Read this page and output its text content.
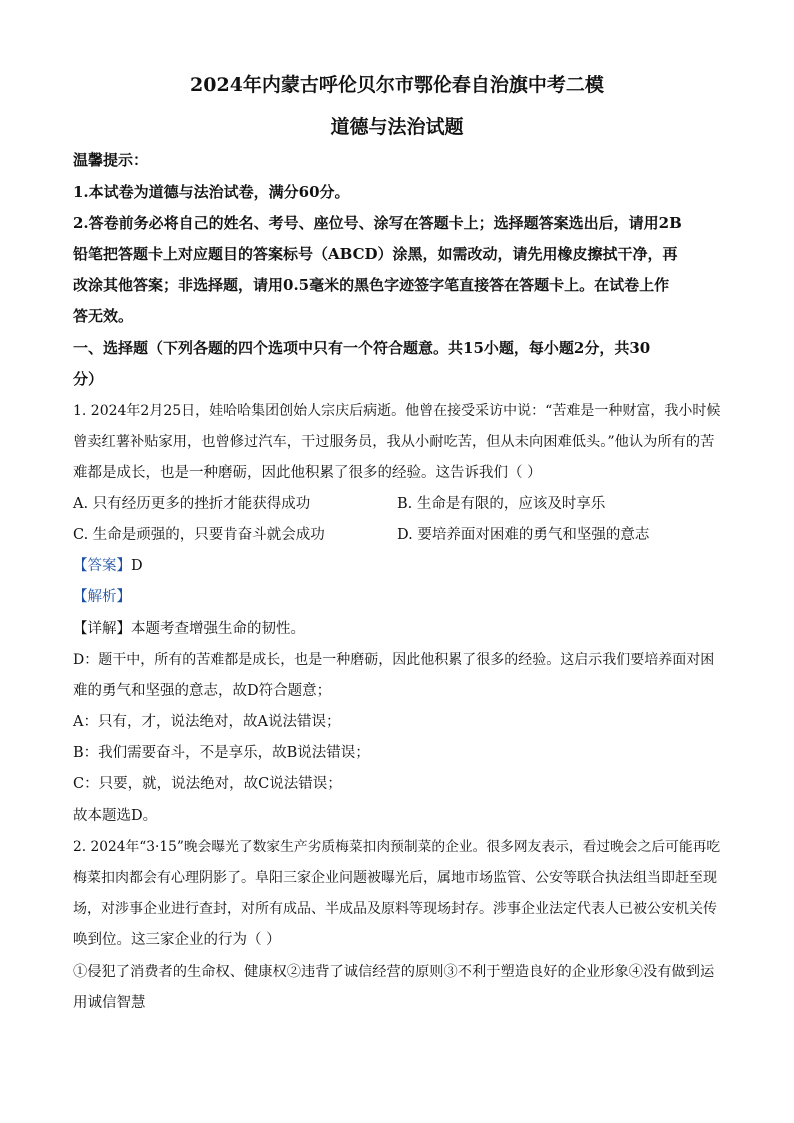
2024年内蒙古呼伦贝尔市鄂伦春自治旗中考二模
道德与法治试题
温馨提示：
1.本试卷为道德与法治试卷，满分60分。
2.答卷前务必将自己的姓名、考号、座位号、涂写在答题卡上；选择题答案选出后，请用2B
铅笔把答题卡上对应题目的答案标号（ABCD）涂黑，如需改动，请先用橡皮擦拭干净，再
改涂其他答案；非选择题，请用0.5毫米的黑色字迹签字笔直接答在答题卡上。在试卷上作
答无效。
一、选择题（下列各题的四个选项中只有一个符合题意。共15小题，每小题2分，共30
分）
1. 2024年2月25日，娃哈哈集团创始人宗庆后病逝。他曾在接受采访中说：“苦难是一种财富，我小时候
曾卖红薯补贴家用，也曾修过汽车，干过服务员，我从小耐吃苦，但从未向困难低头。”他认为所有的苦
难都是成长，也是一种磨砺，因此他积累了很多的经验。这告诉我们（ ）
A. 只有经历更多的挫折才能获得成功	B. 生命是有限的，应该及时享乐
C. 生命是顽强的，只要肯奋斗就会成功	D. 要培养面对困难的勇气和坚强的意志
【答案】D
【解析】
【详解】本题考查增强生命的韧性。
D：题干中，所有的苦难都是成长，也是一种磨砺，因此他积累了很多的经验。这启示我们要培养面对困
难的勇气和坚强的意志，故D符合题意；
A：只有，才，说法绝对，故A说法错误；
B：我们需要奋斗，不是享乐，故B说法错误；
C：只要，就，说法绝对，故C说法错误；
故本题选D。
2. 2024年“3·15”晚会曝光了数家生产劣质梅菜扣肉预制菜的企业。很多网友表示，看过晚会之后可能再吃
梅菜扣肉都会有心理阴影了。阜阳三家企业问题被曝光后，属地市场监管、公安等联合执法组当即赶至现
场，对涉事企业进行查封，对所有成品、半成品及原料等现场封存。涉事企业法定代表人已被公安机关传
唤到位。这三家企业的行为（ ）
①侵犯了消费者的生命权、健康权②违背了诚信经营的原则③不利于塑造良好的企业形象④没有做到运
用诚信智慧
